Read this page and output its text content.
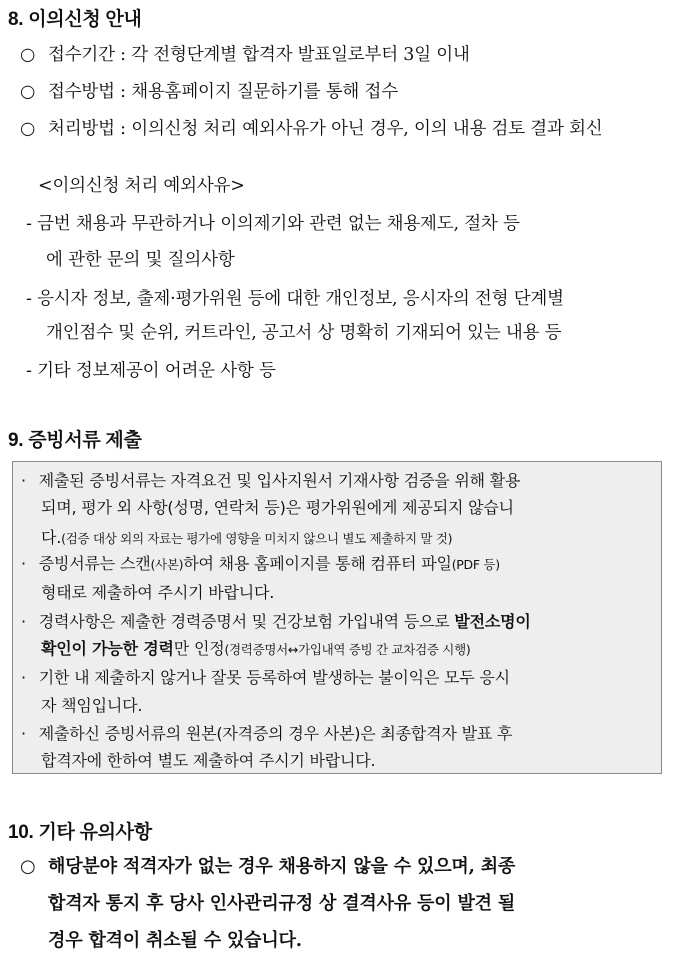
8. 이의신청 안내
○ 접수기간 : 각 전형단계별 합격자 발표일로부터 3일 이내
○ 접수방법 : 채용홈페이지 질문하기를 통해 접수
○ 처리방법 : 이의신청 처리 예외사유가 아닌 경우, 이의 내용 검토 결과 회신
<이의신청 처리 예외사유>
- 금번 채용과 무관하거나 이의제기와 관련 없는 채용제도, 절차 등
에 관한 문의 및 질의사항
- 응시자 정보, 출제·평가위원 등에 대한 개인정보, 응시자의 전형 단계별
개인점수 및 순위, 커트라인, 공고서 상 명확히 기재되어 있는 내용 등
- 기타 정보제공이 어려운 사항 등
9. 증빙서류 제출
· 제출된 증빙서류는 자격요건 및 입사지원서 기재사항 검증을 위해 활용
되며, 평가 외 사항(성명, 연락처 등)은 평가위원에게 제공되지 않습니
다.(검증 대상 외의 자료는 평가에 영향을 미치지 않으니 별도 제출하지 말 것)
· 증빙서류는 스캔(사본)하여 채용 홈페이지를 통해 컴퓨터 파일(PDF 등)
형태로 제출하여 주시기 바랍니다.
· 경력사항은 제출한 경력증명서 및 건강보험 가입내역 등으로 발전소명이
확인이 가능한 경력만 인정(경력증명서↔가입내역 증빙 간 교차검증 시행)
· 기한 내 제출하지 않거나 잘못 등록하여 발생하는 불이익은 모두 응시
자 책임입니다.
· 제출하신 증빙서류의 원본(자격증의 경우 사본)은 최종합격자 발표 후
합격자에 한하여 별도 제출하여 주시기 바랍니다.
10. 기타 유의사항
○ 해당분야 적격자가 없는 경우 채용하지 않을 수 있으며, 최종
합격자 통지 후 당사 인사관리규정 상 결격사유 등이 발견 될
경우 합격이 취소될 수 있습니다.
